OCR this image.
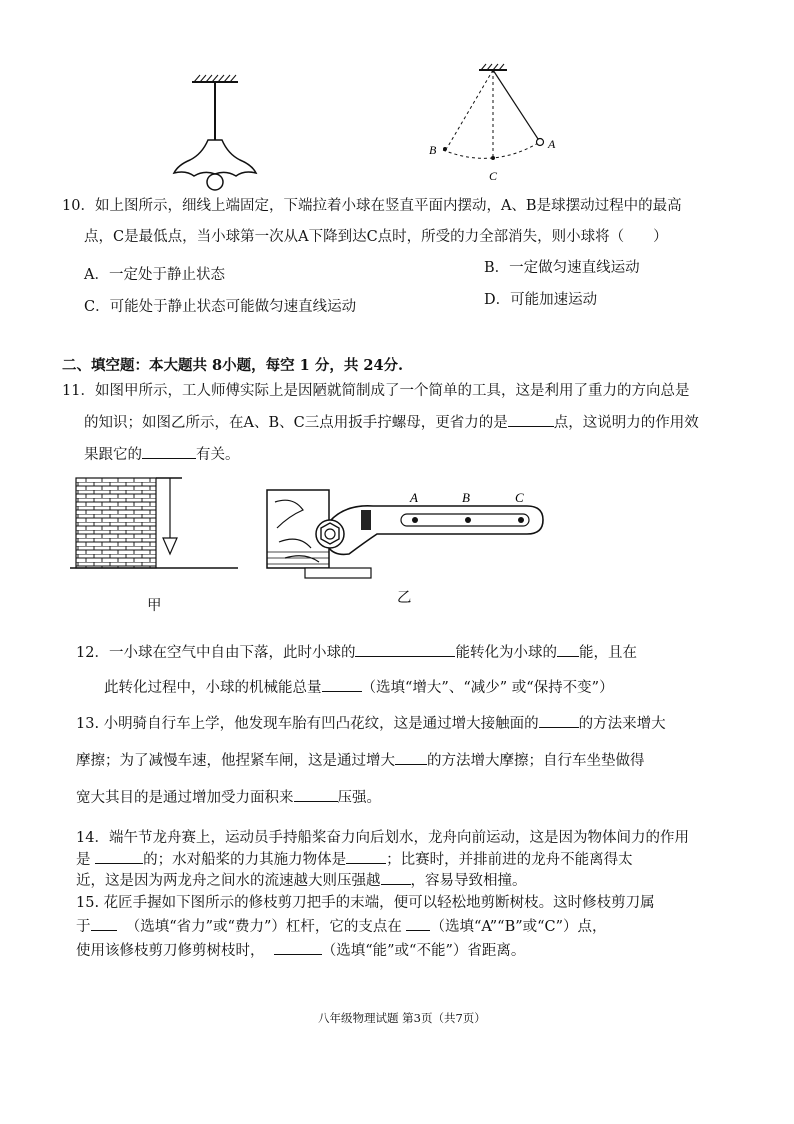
A
B
C
10．如上图所示，细线上端固定，下端拉着小球在竖直平面内摆动，A、B是球摆动过程中的最高
点，C是最低点，当小球第一次从A下降到达C点时，所受的力全部消失，则小球将（　　）
A．一定处于静止状态	B．一定做匀速直线运动
C．可能处于静止状态可能做匀速直线运动	D．可能加速运动
二、填空题：本大题共 8小题，每空 1 分，共 24分.
11．如图甲所示，工人师傅实际上是因陋就简制成了一个简单的工具，这是利用了重力的方向总是
的知识；如图乙所示，在A、B、C三点用扳手拧螺母，更省力的是	点，这说明力的作用效
果跟它的	有关。
甲
A	B	C
乙
12．一小球在空气中自由下落，此时小球的	能转化为小球的 能，且在
此转化过程中，小球的机械能总量	（选填“增大”、“减少” 或“保持不变”）
13. 小明骑自行车上学，他发现车胎有凹凸花纹，这是通过增大接触面的	的方法来增大
摩擦；为了减慢车速，他捏紧车闸，这是通过增大 的方法增大摩擦；自行车坐垫做得
宽大其目的是通过增加受力面积来	压强。
14．端午节龙舟赛上，运动员手持船桨奋力向后划水，龙舟向前运动，这是因为物体间力的作用
是	的；水对船桨的力其施力物体是	；比赛时，并排前进的龙舟不能离得太
近，这是因为两龙舟之间水的流速越大则压强越 ，容易导致相撞。
15. 花匠手握如下图所示的修枝剪刀把手的末端，便可以轻松地剪断树枝。这时修枝剪刀属
于 （选填“省力”或“费力”）杠杆，它的支点在 （选填“A”“B”或“C”）点，
使用该修枝剪刀修剪树枝时，	（选填“能”或“不能”）省距离。
八年级物理试题 第3页（共7页）
